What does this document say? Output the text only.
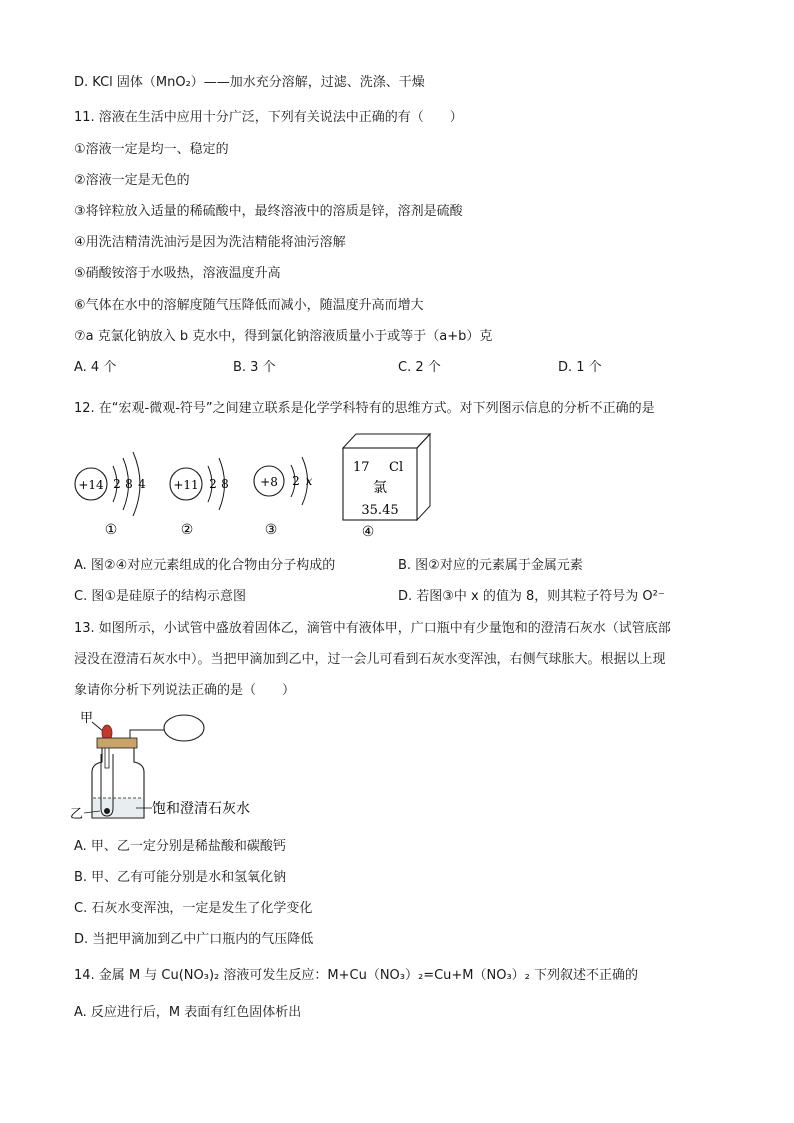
D. KCl 固体（MnO₂）——加水充分溶解，过滤、洗涤、干燥
11. 溶液在生活中应用十分广泛，下列有关说法中正确的有（　　）
①溶液一定是均一、稳定的
②溶液一定是无色的
③将锌粒放入适量的稀硫酸中，最终溶液中的溶质是锌，溶剂是硫酸
④用洗洁精清洗油污是因为洗洁精能将油污溶解
⑤硝酸铵溶于水吸热，溶液温度升高
⑥气体在水中的溶解度随气压降低而减小，随温度升高而增大
⑦a 克氯化钠放入 b 克水中，得到氯化钠溶液质量小于或等于（a+b）克
A. 4 个	B. 3 个	C. 2 个	D. 1 个
12. 在“宏观-微观-符号”之间建立联系是化学学科特有的思维方式。对下列图示信息的分析不正确的是
+14 2 8 4
①
+11 2 8
②
+8 2 x
③
17 Cl
氯
35.45
④
A. 图②④对应元素组成的化合物由分子构成的	B. 图②对应的元素属于金属元素
C. 图①是硅原子的结构示意图	D. 若图③中 x 的值为 8，则其粒子符号为 O²⁻
13. 如图所示，小试管中盛放着固体乙，滴管中有液体甲，广口瓶中有少量饱和的澄清石灰水（试管底部
浸没在澄清石灰水中）。当把甲滴加到乙中，过一会儿可看到石灰水变浑浊，右侧气球胀大。根据以上现
象请你分析下列说法正确的是（　　）
甲
乙	饱和澄清石灰水
A. 甲、乙一定分别是稀盐酸和碳酸钙
B. 甲、乙有可能分别是水和氢氧化钠
C. 石灰水变浑浊，一定是发生了化学变化
D. 当把甲滴加到乙中广口瓶内的气压降低
14. 金属 M 与 Cu(NO₃)₂ 溶液可发生反应：M+Cu（NO₃）₂=Cu+M（NO₃）₂ 下列叙述不正确的
A. 反应进行后，M 表面有红色固体析出
